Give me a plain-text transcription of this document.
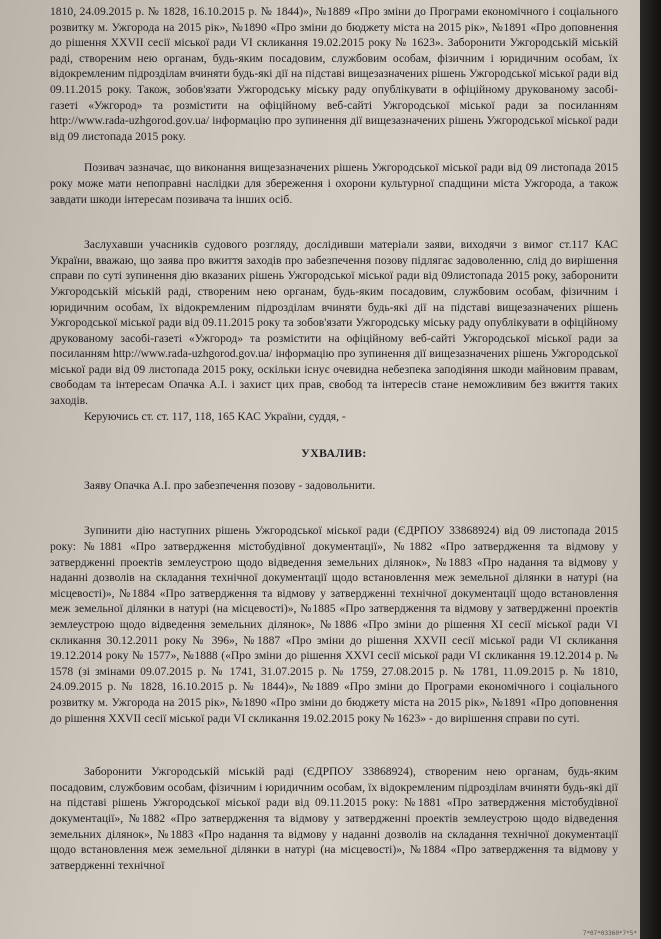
1810, 24.09.2015 р. № 1828, 16.10.2015 р. № 1844)», №1889 «Про зміни до Програми економічного і соціального розвитку м. Ужгорода на 2015 рік», №1890 «Про зміни до бюджету міста на 2015 рік», №1891 «Про доповнення до рішення XXVII сесії міської ради VI скликання 19.02.2015 року № 1623». Заборонити Ужгородській міській раді, створеним нею органам, будь-яким посадовим, службовим особам, фізичним і юридичним особам, їх відокремленим підрозділам вчиняти будь-які дії на підставі вищезазначених рішень Ужгородської міської ради від 09.11.2015 року. Також, зобов'язати Ужгородську міську раду опублікувати в офіційному друкованому засобі-газеті «Ужгород» та розмістити на офіційному веб-сайті Ужгородської міської ради за посиланням http://www.rada-uzhgorod.gov.ua/ інформацію про зупинення дії вищезазначених рішень Ужгородської міської ради від 09 листопада 2015 року.

Позивач зазначає, що виконання вищезазначених рішень Ужгородської міської ради від 09 листопада 2015 року може мати непоправні наслідки для збереження і охорони культурної спадщини міста Ужгорода, а також завдати шкоди інтересам позивача та інших осіб.

Заслухавши учасників судового розгляду, дослідивши матеріали заяви, виходячи з вимог ст.117 КАС України, вважаю, що заява про вжиття заходів про забезпечення позову підлягає задоволенню, слід до вирішення справи по суті зупинення дію вказаних рішень Ужгородської міської ради від 09листопада 2015 року, заборонити Ужгородській міській раді, створеним нею органам, будь-яким посадовим, службовим особам, фізичним і юридичним особам, їх відокремленим підрозділам вчиняти будь-які дії на підставі вищезазначених рішень Ужгородської міської ради від 09.11.2015 року та зобов'язати Ужгородську міську раду опублікувати в офіційному друкованому засобі-газеті «Ужгород» та розмістити на офіційному веб-сайті Ужгородської міської ради за посиланням http://www.rada-uzhgorod.gov.ua/ інформацію про зупинення дії вищезазначених рішень Ужгородської міської ради від 09 листопада 2015 року, оскільки існує очевидна небезпека заподіяння шкоди майновим правам, свободам та інтересам Опачка А.І. і захист цих прав, свобод та інтересів стане неможливим без вжиття таких заходів.

Керуючись ст. ст. 117, 118, 165 КАС України, суддя, -

УХВАЛИВ:

Заяву Опачка А.І. про забезпечення позову - задовольнити.

Зупинити дію наступних рішень Ужгородської міської ради (ЄДРПОУ 33868924) від 09 листопада 2015 року: №1881 «Про затвердження містобудівної документації», №1882 «Про затвердження та відмову у затвердженні проектів землеустрою щодо відведення земельних ділянок», №1883 «Про надання та відмову у наданні дозволів на складання технічної документації щодо встановлення меж земельної ділянки в натурі (на місцевості)», №1884 «Про затвердження та відмову у затвердженні технічної документації щодо встановлення меж земельної ділянки в натурі (на місцевості)», №1885 «Про затвердження та відмову у затвердженні проектів землеустрою щодо відведення земельних ділянок», №1886 «Про зміни до рішення XI сесії міської ради VI скликання 30.12.2011 року № 396», №1887 «Про зміни до рішення XXVII сесії міської ради VI скликання 19.12.2014 року № 1577», №1888 («Про зміни до рішення XXVI сесії міської ради VI скликання 19.12.2014 р. № 1578 (зі змінами 09.07.2015 р. № 1741, 31.07.2015 р. № 1759, 27.08.2015 р. № 1781, 11.09.2015 р. № 1810, 24.09.2015 р. № 1828, 16.10.2015 р. № 1844)», №1889 «Про зміни до Програми економічного і соціального розвитку м. Ужгорода на 2015 рік», №1890 «Про зміни до бюджету міста на 2015 рік», №1891 «Про доповнення до рішення XXVII сесії міської ради VI скликання 19.02.2015 року № 1623» - до вирішення справи по суті.

Заборонити Ужгородській міській раді (ЄДРПОУ 33868924), створеним нею органам, будь-яким посадовим, службовим особам, фізичним і юридичним особам, їх відокремленим підрозділам вчиняти будь-які дії на підставі рішень Ужгородської міської ради від 09.11.2015 року: №1881 «Про затвердження містобудівної документації», №1882 «Про затвердження та відмову у затвердженні проектів землеустрою щодо відведення земельних ділянок», №1883 «Про надання та відмову у наданні дозволів на складання технічної документації щодо встановлення меж земельної ділянки в натурі (на місцевості)», №1884 «Про затвердження та відмову у затвердженні технічної

7*07*03360*7*5*
